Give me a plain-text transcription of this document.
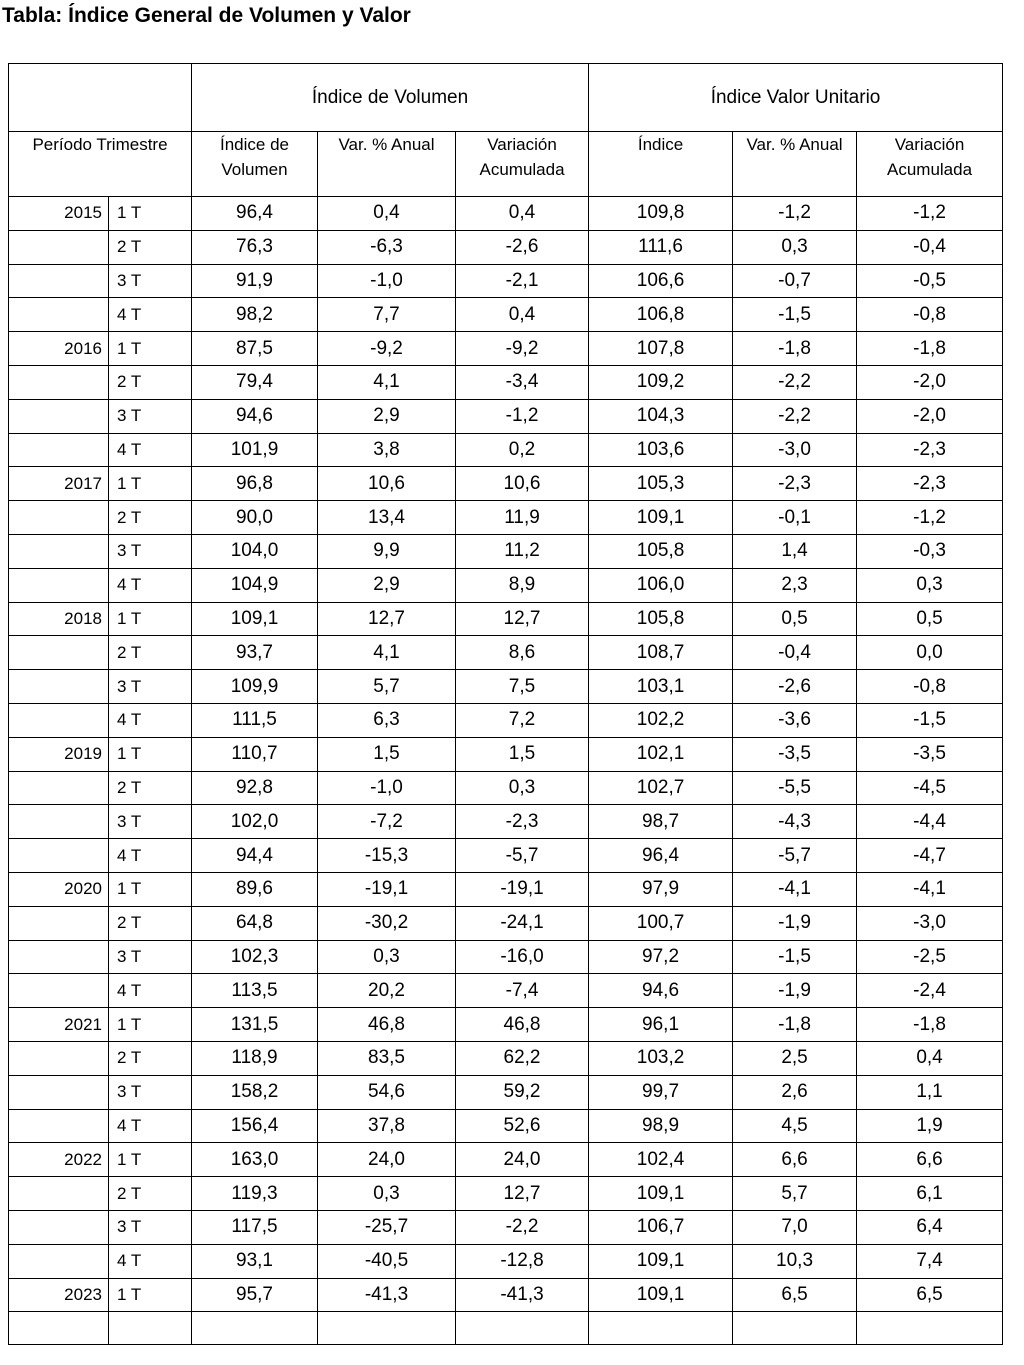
Tabla: Índice General de Volumen y Valor
		Índice de Volumen			Índice Valor Unitario		
Período Trimestre		Índice de Volumen	Var. % Anual	Variación Acumulada	Índice	Var. % Anual	Variación Acumulada
2015	1 T	96,4	0,4	0,4	109,8	-1,2	-1,2
	2 T	76,3	-6,3	-2,6	111,6	0,3	-0,4
	3 T	91,9	-1,0	-2,1	106,6	-0,7	-0,5
	4 T	98,2	7,7	0,4	106,8	-1,5	-0,8
2016	1 T	87,5	-9,2	-9,2	107,8	-1,8	-1,8
	2 T	79,4	4,1	-3,4	109,2	-2,2	-2,0
	3 T	94,6	2,9	-1,2	104,3	-2,2	-2,0
	4 T	101,9	3,8	0,2	103,6	-3,0	-2,3
2017	1 T	96,8	10,6	10,6	105,3	-2,3	-2,3
	2 T	90,0	13,4	11,9	109,1	-0,1	-1,2
	3 T	104,0	9,9	11,2	105,8	1,4	-0,3
	4 T	104,9	2,9	8,9	106,0	2,3	0,3
2018	1 T	109,1	12,7	12,7	105,8	0,5	0,5
	2 T	93,7	4,1	8,6	108,7	-0,4	0,0
	3 T	109,9	5,7	7,5	103,1	-2,6	-0,8
	4 T	111,5	6,3	7,2	102,2	-3,6	-1,5
2019	1 T	110,7	1,5	1,5	102,1	-3,5	-3,5
	2 T	92,8	-1,0	0,3	102,7	-5,5	-4,5
	3 T	102,0	-7,2	-2,3	98,7	-4,3	-4,4
	4 T	94,4	-15,3	-5,7	96,4	-5,7	-4,7
2020	1 T	89,6	-19,1	-19,1	97,9	-4,1	-4,1
	2 T	64,8	-30,2	-24,1	100,7	-1,9	-3,0
	3 T	102,3	0,3	-16,0	97,2	-1,5	-2,5
	4 T	113,5	20,2	-7,4	94,6	-1,9	-2,4
2021	1 T	131,5	46,8	46,8	96,1	-1,8	-1,8
	2 T	118,9	83,5	62,2	103,2	2,5	0,4
	3 T	158,2	54,6	59,2	99,7	2,6	1,1
	4 T	156,4	37,8	52,6	98,9	4,5	1,9
2022	1 T	163,0	24,0	24,0	102,4	6,6	6,6
	2 T	119,3	0,3	12,7	109,1	5,7	6,1
	3 T	117,5	-25,7	-2,2	106,7	7,0	6,4
	4 T	93,1	-40,5	-12,8	109,1	10,3	7,4
2023	1 T	95,7	-41,3	-41,3	109,1	6,5	6,5
